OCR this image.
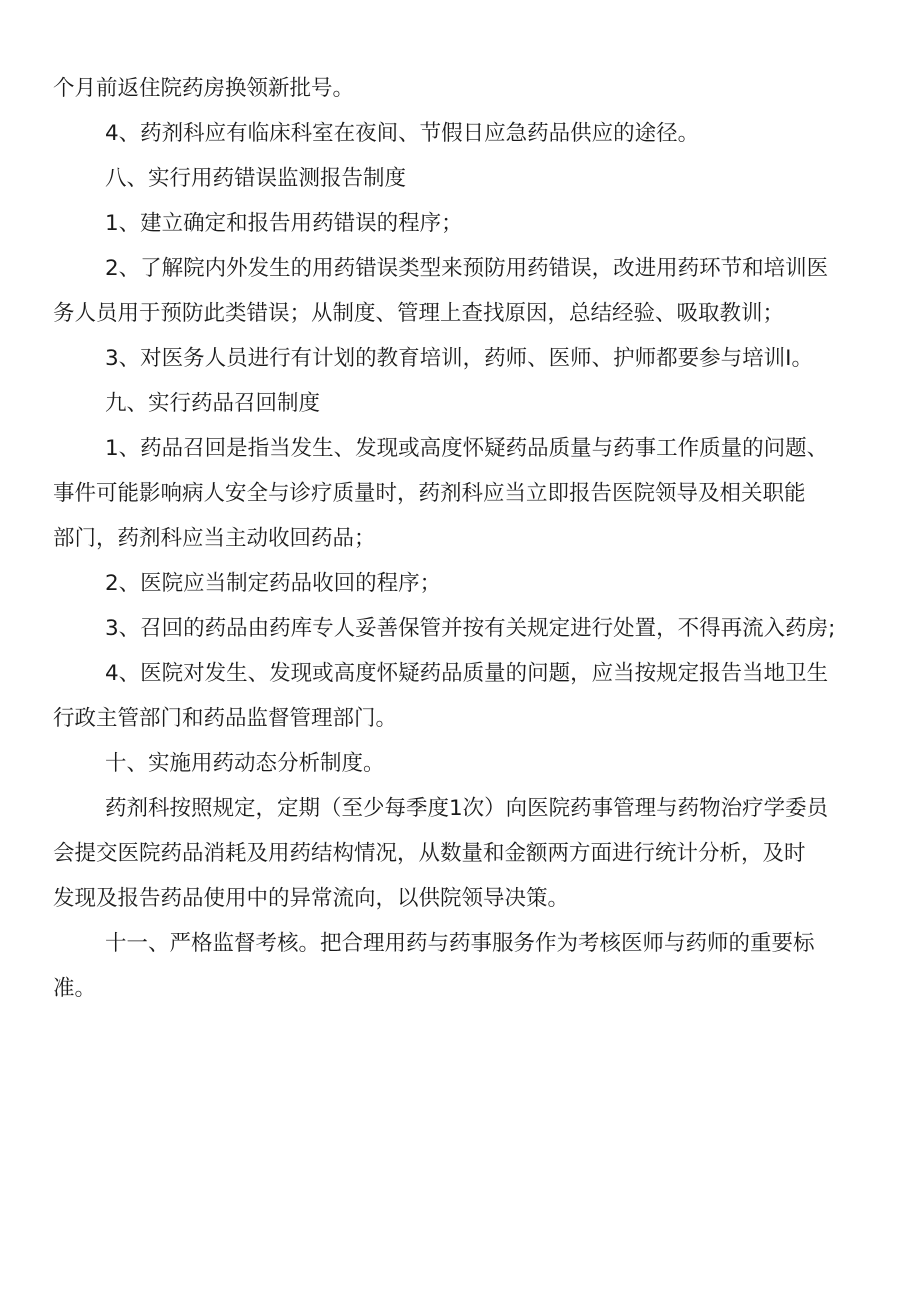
个月前返住院药房换领新批号。
4、药剂科应有临床科室在夜间、节假日应急药品供应的途径。
八、实行用药错误监测报告制度
1、建立确定和报告用药错误的程序；
2、了解院内外发生的用药错误类型来预防用药错误，改进用药环节和培训医
务人员用于预防此类错误；从制度、管理上查找原因，总结经验、吸取教训；
3、对医务人员进行有计划的教育培训，药师、医师、护师都要参与培训I。
九、实行药品召回制度
1、药品召回是指当发生、发现或高度怀疑药品质量与药事工作质量的问题、
事件可能影响病人安全与诊疗质量时，药剂科应当立即报告医院领导及相关职能
部门，药剂科应当主动收回药品；
2、医院应当制定药品收回的程序；
3、召回的药品由药库专人妥善保管并按有关规定进行处置，不得再流入药房;
4、医院对发生、发现或高度怀疑药品质量的问题，应当按规定报告当地卫生
行政主管部门和药品监督管理部门。
十、实施用药动态分析制度。
药剂科按照规定，定期（至少每季度1次）向医院药事管理与药物治疗学委员
会提交医院药品消耗及用药结构情况，从数量和金额两方面进行统计分析，及时
发现及报告药品使用中的异常流向，以供院领导决策。
十一、严格监督考核。把合理用药与药事服务作为考核医师与药师的重要标
准。
